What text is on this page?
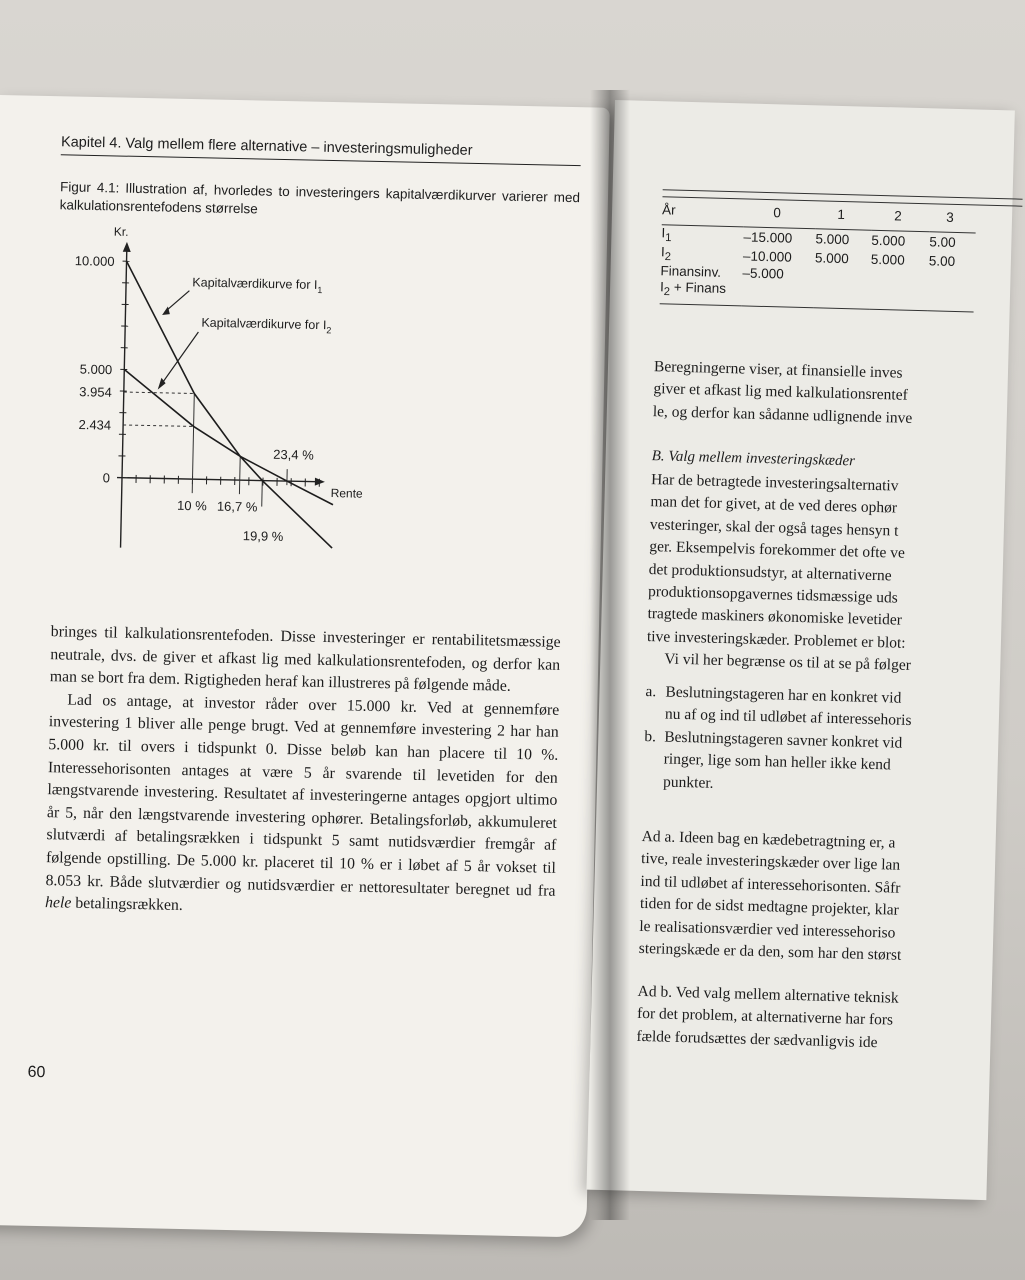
Kapitel 4. Valg mellem flere alternative – investeringsmuligheder
Figur 4.1: Illustration af, hvorledes to investeringers kapitalværdikurver varierer med kalkulationsrentefodens størrelse
Kr.
Rente
10.000
5.000
3.954
2.434
0
10 % 16,7 %
19,9 %
23,4 %
Kapitalværdikurve for $I_1$
Kapitalværdikurve for $I_2$

bringes til kalkulationsrentefoden. Disse investeringer er rentabilitetsmæssige neutrale, dvs. de giver et afkast lig med kalkulationsrentefoden, og derfor kan man se bort fra dem. Rigtigheden heraf kan illustreres på følgende måde.

Lad os antage, at investor råder over 15.000 kr. Ved at gennemføre investering 1 bliver alle penge brugt. Ved at gennemføre investering 2 har han 5.000 kr. til overs i tidspunkt 0. Disse beløb kan han placere til 10 %. Interessehorisonten antages at være 5 år svarende til levetiden for den længstvarende investering. Resultatet af investeringerne antages opgjort ultimo år 5, når den længstvarende investering ophører. Betalingsforløb, akkumuleret slutværdi af betalingsrækken i tidspunkt 5 samt nutidsværdier fremgår af følgende opstilling. De 5.000 kr. placeret til 10 % er i løbet af 5 år vokset til 8.053 kr. Både slutværdier og nutidsværdier er nettoresultater beregnet ud fra hele betalingsrækken.

60
År	0	1	2	3

$I_1$	–15.000	5.000	5.000	5.00
$I_2$	–10.000	5.000	5.000	5.00
Finansinv.	–5.000			
$I_2$ + Finans				

Beregningerne viser, at finansielle inves

giver et afkast lig med kalkulationsrentef

le, og derfor kan sådanne udlignende inve

B. Valg mellem investeringskæder

Har de betragtede investeringsalternativ

man det for givet, at de ved deres ophør

vesteringer, skal der også tages hensyn t

ger. Eksempelvis forekommer det ofte ve

det produktionsudstyr, at alternativerne

produktionsopgavernes tidsmæssige uds

tragtede maskiners økonomiske levetider

tive investeringskæder. Problemet er blot:

Vi vil her begrænse os til at se på følger

a. Beslutningstageren har en konkret vid

nu af og ind til udløbet af interessehoris

b. Beslutningstageren savner konkret vid

ringer, lige som han heller ikke kend

punkter.

Ad a. Ideen bag en kædebetragtning er, a

tive, reale investeringskæder over lige lan

ind til udløbet af interessehorisonten. Såfr

tiden for de sidst medtagne projekter, klar

le realisationsværdier ved interessehoriso

steringskæde er da den, som har den størst

Ad b. Ved valg mellem alternative teknisk

for det problem, at alternativerne har fors

fælde forudsættes der sædvanligvis ide
